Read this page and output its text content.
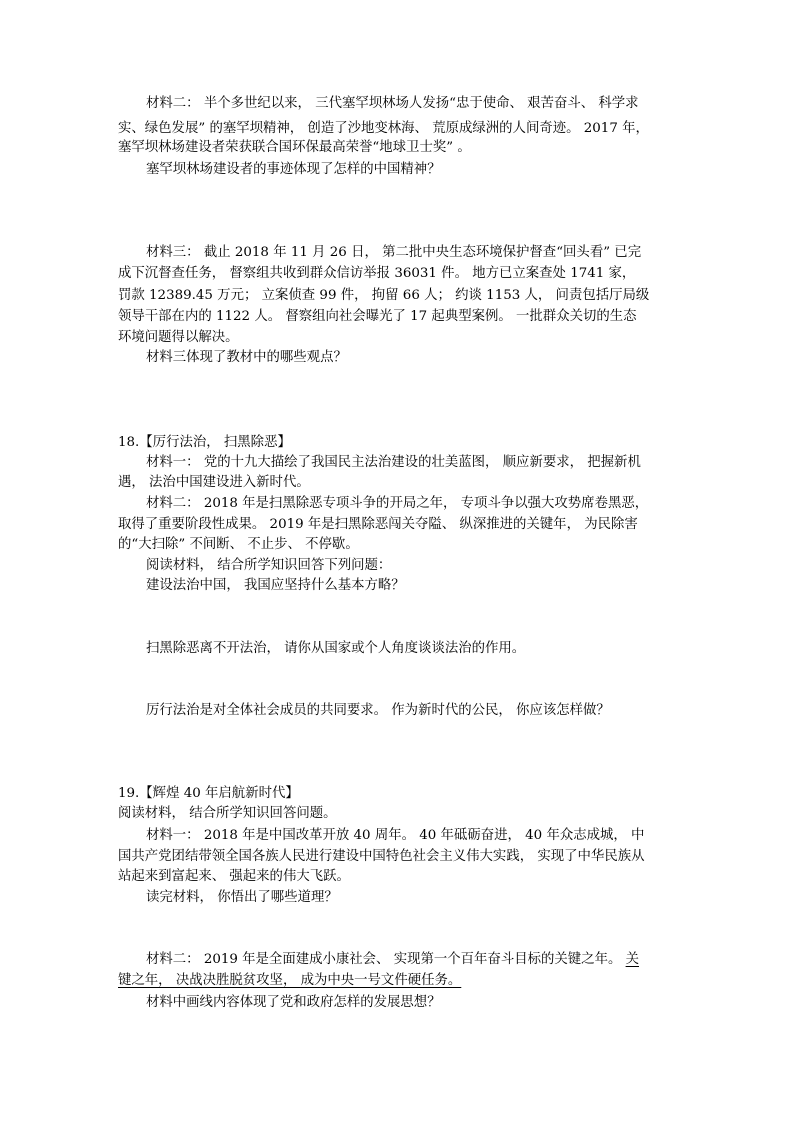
材料二： 半个多世纪以来， 三代塞罕坝林场人发扬“忠于使命、 艰苦奋斗、 科学求
实、绿色发展” 的塞罕坝精神， 创造了沙地变林海、 荒原成绿洲的人间奇迹。 2017 年，
塞罕坝林场建设者荣获联合国环保最高荣誉“地球卫士奖” 。
塞罕坝林场建设者的事迹体现了怎样的中国精神？
材料三： 截止 2018 年 11 月 26 日， 第二批中央生态环境保护督查“回头看” 已完
成下沉督查任务， 督察组共收到群众信访举报 36031 件。 地方已立案查处 1741 家，
罚款 12389.45 万元； 立案侦查 99 件， 拘留 66 人； 约谈 1153 人， 问责包括厅局级
领导干部在内的 1122 人。 督察组向社会曝光了 17 起典型案例。 一批群众关切的生态
环境问题得以解决。
材料三体现了教材中的哪些观点？
18.【厉行法治， 扫黑除恶】
材料一： 党的十九大描绘了我国民主法治建设的壮美蓝图， 顺应新要求， 把握新机
遇， 法治中国建设进入新时代。
材料二： 2018 年是扫黑除恶专项斗争的开局之年， 专项斗争以强大攻势席卷黑恶，
取得了重要阶段性成果。 2019 年是扫黑除恶闯关夺隘、 纵深推进的关键年， 为民除害
的“大扫除” 不间断、 不止步、 不停歇。
阅读材料， 结合所学知识回答下列问题：
建设法治中国， 我国应坚持什么基本方略？
扫黑除恶离不开法治， 请你从国家或个人角度谈谈法治的作用。
厉行法治是对全体社会成员的共同要求。 作为新时代的公民， 你应该怎样做？
19.【辉煌 40 年启航新时代】
阅读材料， 结合所学知识回答问题。
材料一： 2018 年是中国改革开放 40 周年。 40 年砥砺奋进， 40 年众志成城， 中
国共产党团结带领全国各族人民进行建设中国特色社会主义伟大实践， 实现了中华民族从
站起来到富起来、 强起来的伟大飞跃。
读完材料， 你悟出了哪些道理？
材料二： 2019 年是全面建成小康社会、 实现第一个百年奋斗目标的关键之年。 关
键之年， 决战决胜脱贫攻坚， 成为中央一号文件硬任务。
材料中画线内容体现了党和政府怎样的发展思想？
